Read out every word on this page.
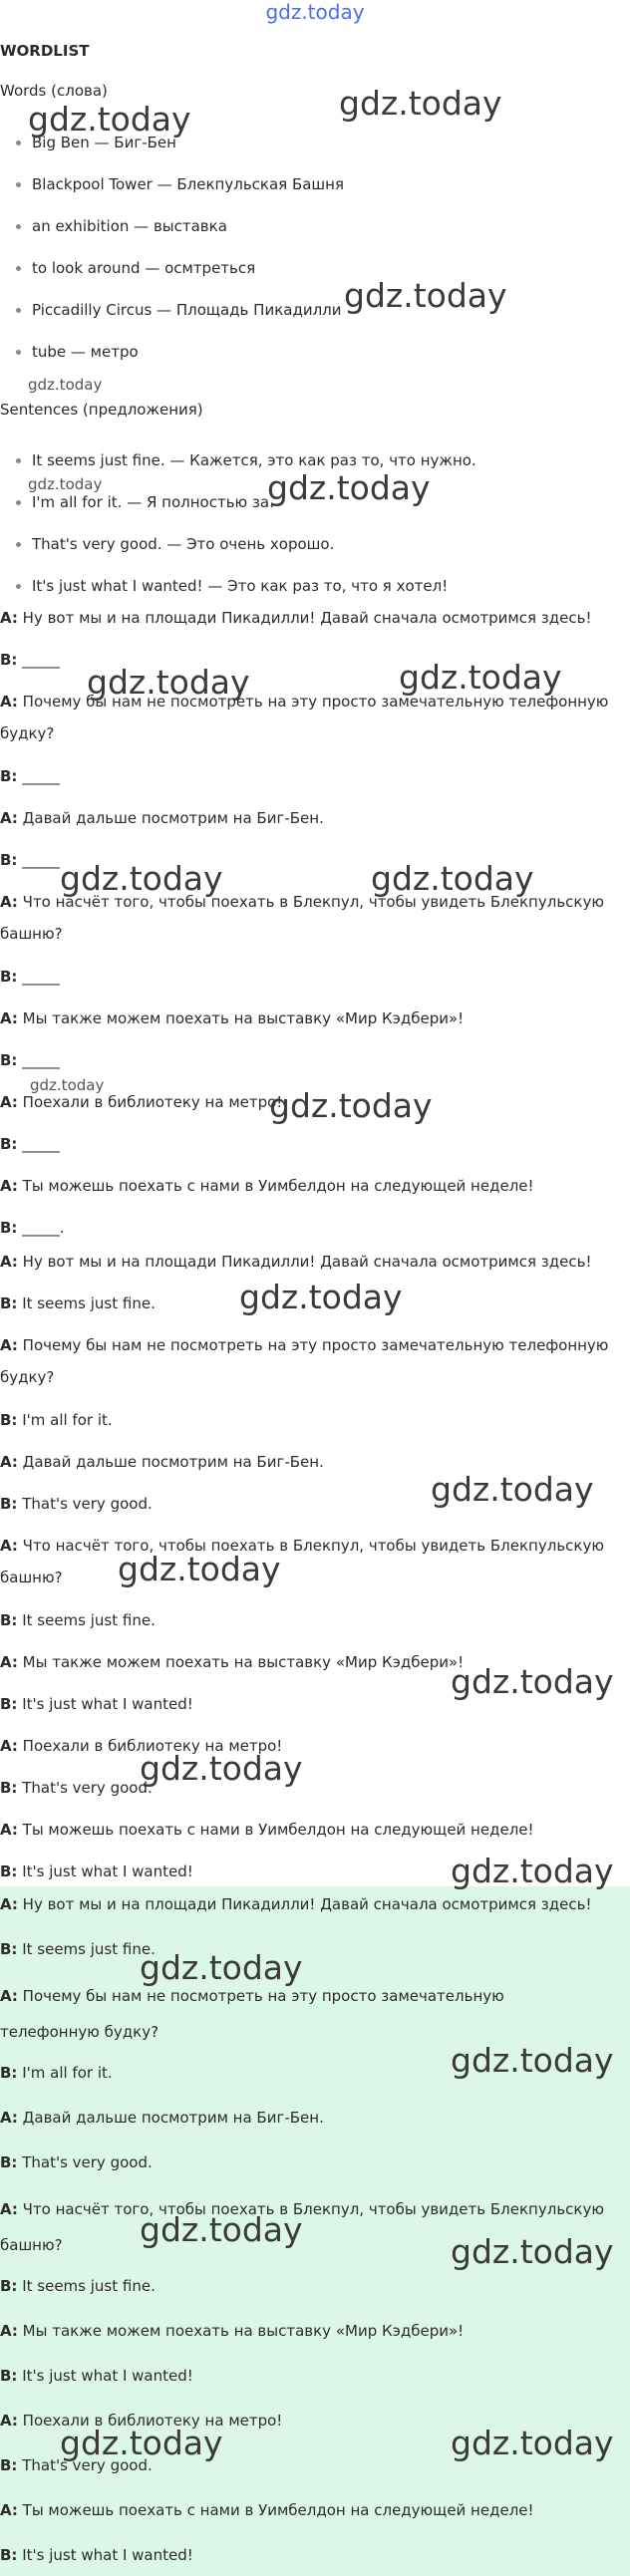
gdz.today
WORDLIST
Words (слова)
• Big Ben — Биг-Бен
• Blackpool Tower — Блекпульская Башня
• an exhibition — выставка
• to look around — осмтреться
• Piccadilly Circus — Площадь Пикадилли
• tube — метро
Sentences (предложения)
• It seems just fine. — Кажется, это как раз то, что нужно.
• I'm all for it. — Я полностью за.
• That's very good. — Это очень хорошо.
• It's just what I wanted! — Это как раз то, что я хотел!
A: Ну вот мы и на площади Пикадилли! Давай сначала осмотримся здесь!
B: _____
A: Почему бы нам не посмотреть на эту просто замечательную телефонную будку?
B: _____
A: Давай дальше посмотрим на Биг-Бен.
B: _____
A: Что насчёт того, чтобы поехать в Блекпул, чтобы увидеть Блекпульскую башню?
B: _____
A: Мы также можем поехать на выставку «Мир Кэдбери»!
B: _____
A: Поехали в библиотеку на метро!
B: _____
A: Ты можешь поехать с нами в Уимбелдон на следующей неделе!
B: _____.
A: Ну вот мы и на площади Пикадилли! Давай сначала осмотримся здесь!
B: It seems just fine.
A: Почему бы нам не посмотреть на эту просто замечательную телефонную будку?
B: I'm all for it.
A: Давай дальше посмотрим на Биг-Бен.
B: That's very good.
A: Что насчёт того, чтобы поехать в Блекпул, чтобы увидеть Блекпульскую башню?
B: It seems just fine.
A: Мы также можем поехать на выставку «Мир Кэдбери»!
B: It's just what I wanted!
A: Поехали в библиотеку на метро!
B: That's very good.
A: Ты можешь поехать с нами в Уимбелдон на следующей неделе!
B: It's just what I wanted!
A: Ну вот мы и на площади Пикадилли! Давай сначала осмотримся здесь!
B: It seems just fine.
A: Почему бы нам не посмотреть на эту просто замечательную телефонную будку?
B: I'm all for it.
A: Давай дальше посмотрим на Биг-Бен.
B: That's very good.
A: Что насчёт того, чтобы поехать в Блекпул, чтобы увидеть Блекпульскую башню?
B: It seems just fine.
A: Мы также можем поехать на выставку «Мир Кэдбери»!
B: It's just what I wanted!
A: Поехали в библиотеку на метро!
B: That's very good.
A: Ты можешь поехать с нами в Уимбелдон на следующей неделе!
B: It's just what I wanted!
gdz.today	gdz.today
gdz.today
gdz.today
gdz.today	gdz.today
gdz.today	gdz.today
gdz.today	gdz.today
gdz.today
gdz.today
gdz.today
gdz.today
gdz.today
gdz.today
gdz.today
gdz.today
gdz.today
gdz.today
gdz.today
gdz.today
gdz.today	gdz.today
